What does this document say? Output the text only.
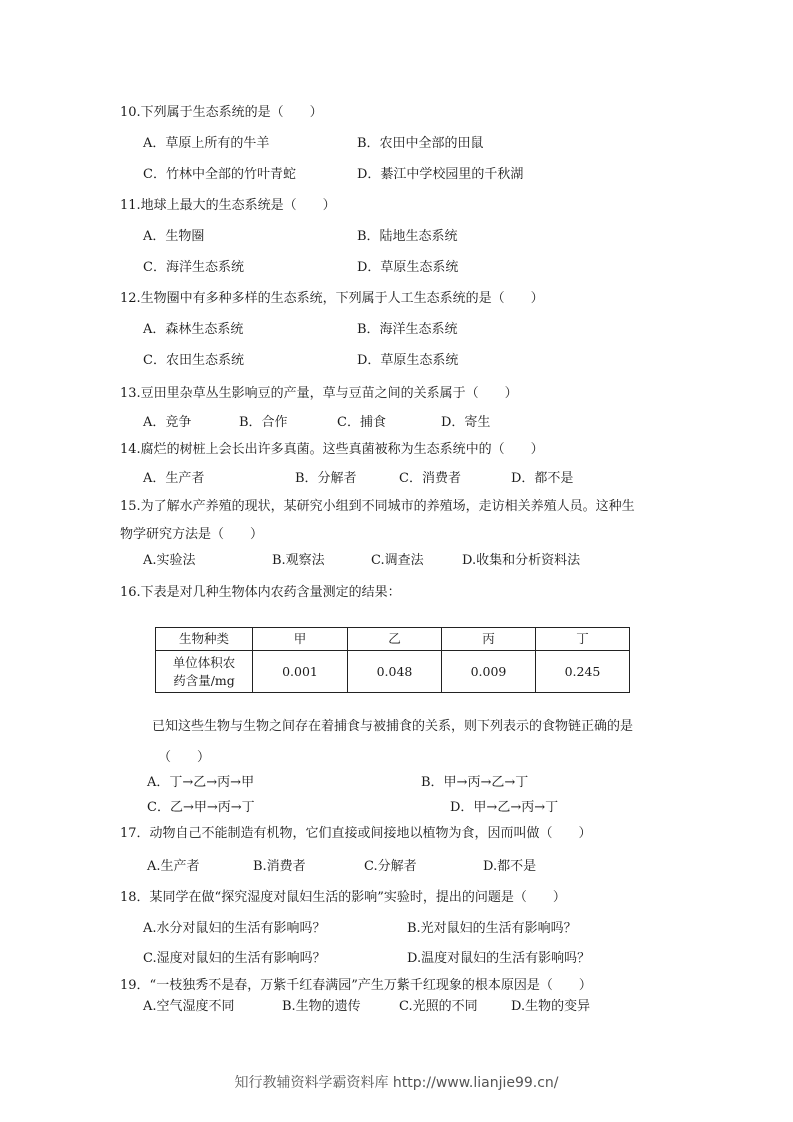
10.下列属于生态系统的是（　　）
A．草原上所有的牛羊	B．农田中全部的田鼠
C．竹林中全部的竹叶青蛇	D．綦江中学校园里的千秋湖
11.地球上最大的生态系统是（　　）
A．生物圈	B．陆地生态系统
C．海洋生态系统	D．草原生态系统
12.生物圈中有多种多样的生态系统，下列属于人工生态系统的是（　　）
A．森林生态系统	B．海洋生态系统
C．农田生态系统	D．草原生态系统
13.豆田里杂草丛生影响豆的产量，草与豆苗之间的关系属于（　　）
A．竞争	B．合作	C．捕食	D．寄生
14.腐烂的树桩上会长出许多真菌。这些真菌被称为生态系统中的（　　）
A．生产者	B．分解者	C．消费者	D．都不是
15.为了解水产养殖的现状，某研究小组到不同城市的养殖场，走访相关养殖人员。这种生
物学研究方法是（　　）
A.实验法	B.观察法	C.调查法	D.收集和分析资料法
16.下表是对几种生物体内农药含量测定的结果：
生物种类	甲	乙	丙	丁

单位体积农
药含量/mg	0.001	0.048	0.009	0.245
已知这些生物与生物之间存在着捕食与被捕食的关系，则下列表示的食物链正确的是
（　　）
A．丁→乙→丙→甲	B．甲→丙→乙→丁
C．乙→甲→丙→丁	D．甲→乙→丙→丁
17．动物自己不能制造有机物，它们直接或间接地以植物为食，因而叫做（　　）
A.生产者	B.消费者	C.分解者	D.都不是
18．某同学在做“探究湿度对鼠妇生活的影响”实验时，提出的问题是（　　）
A.水分对鼠妇的生活有影响吗？	B.光对鼠妇的生活有影响吗？
C.湿度对鼠妇的生活有影响吗？	D.温度对鼠妇的生活有影响吗？
19．“一枝独秀不是春，万紫千红春满园”产生万紫千红现象的根本原因是（　　）
A.空气湿度不同	B.生物的遗传	C.光照的不同	D.生物的变异
知行教辅资料学霸资料库 http://www.lianjie99.cn/
